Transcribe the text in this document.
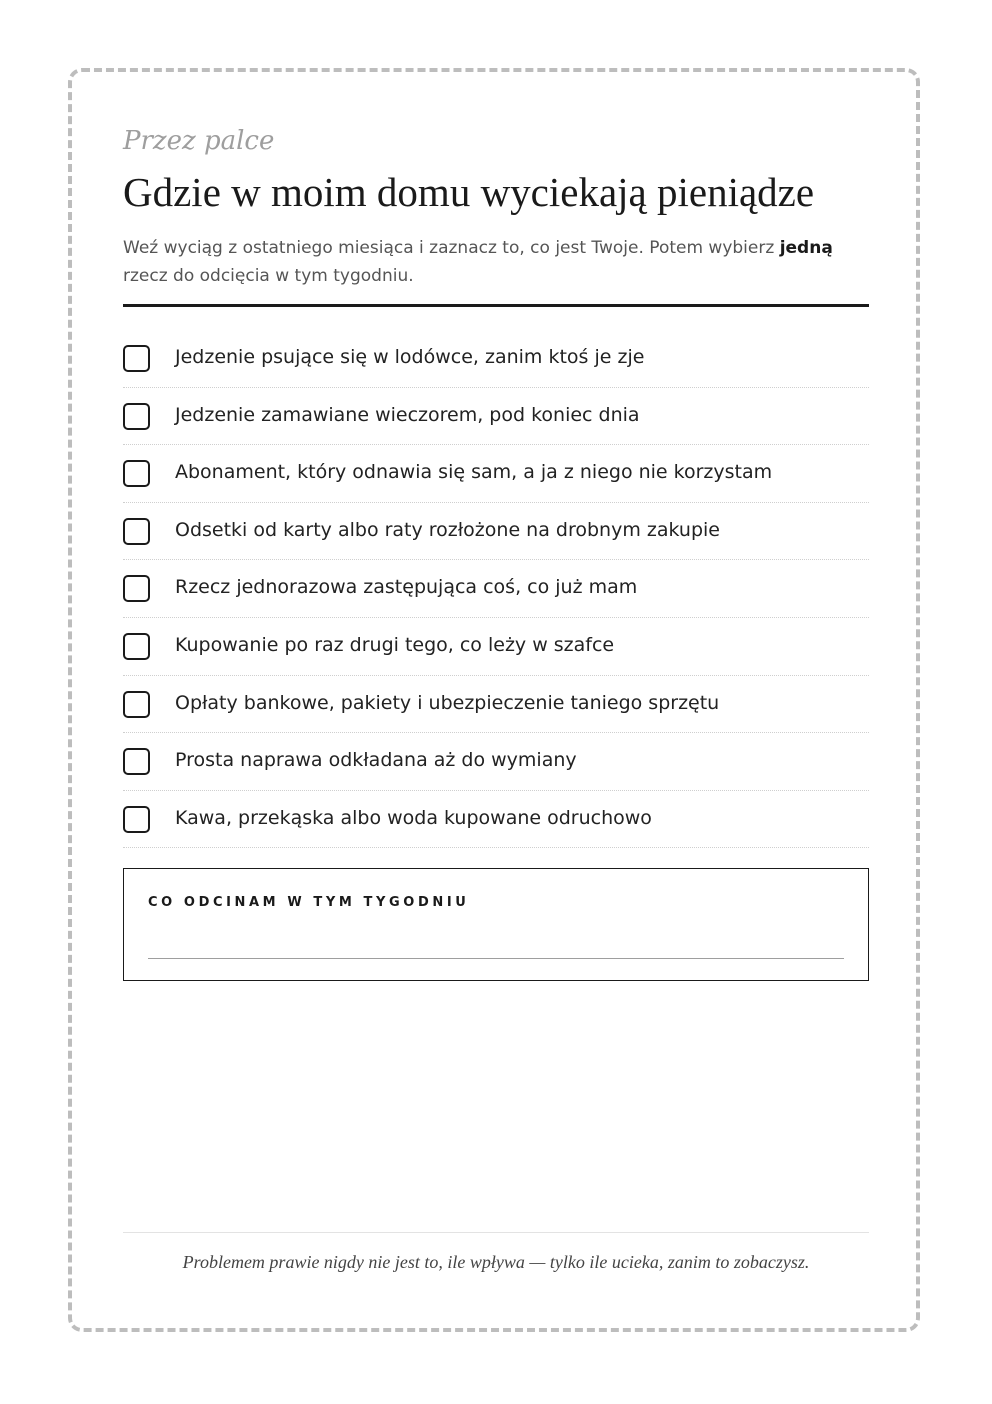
Przez palce
Gdzie w moim domu wyciekają pieniądze

Weź wyciąg z ostatniego miesiąca i zaznacz to, co jest Twoje. Potem wybierz jedną rzecz do odcięcia w tym tygodniu.

Jedzenie psujące się w lodówce, zanim ktoś je zje
Jedzenie zamawiane wieczorem, pod koniec dnia
Abonament, który odnawia się sam, a ja z niego nie korzystam
Odsetki od karty albo raty rozłożone na drobnym zakupie
Rzecz jednorazowa zastępująca coś, co już mam
Kupowanie po raz drugi tego, co leży w szafce
Opłaty bankowe, pakiety i ubezpieczenie taniego sprzętu
Prosta naprawa odkładana aż do wymiany
Kawa, przekąska albo woda kupowane odruchowo
CO ODCINAM W TYM TYGODNIU
Problemem prawie nigdy nie jest to, ile wpływa — tylko ile ucieka, zanim to zobaczysz.
